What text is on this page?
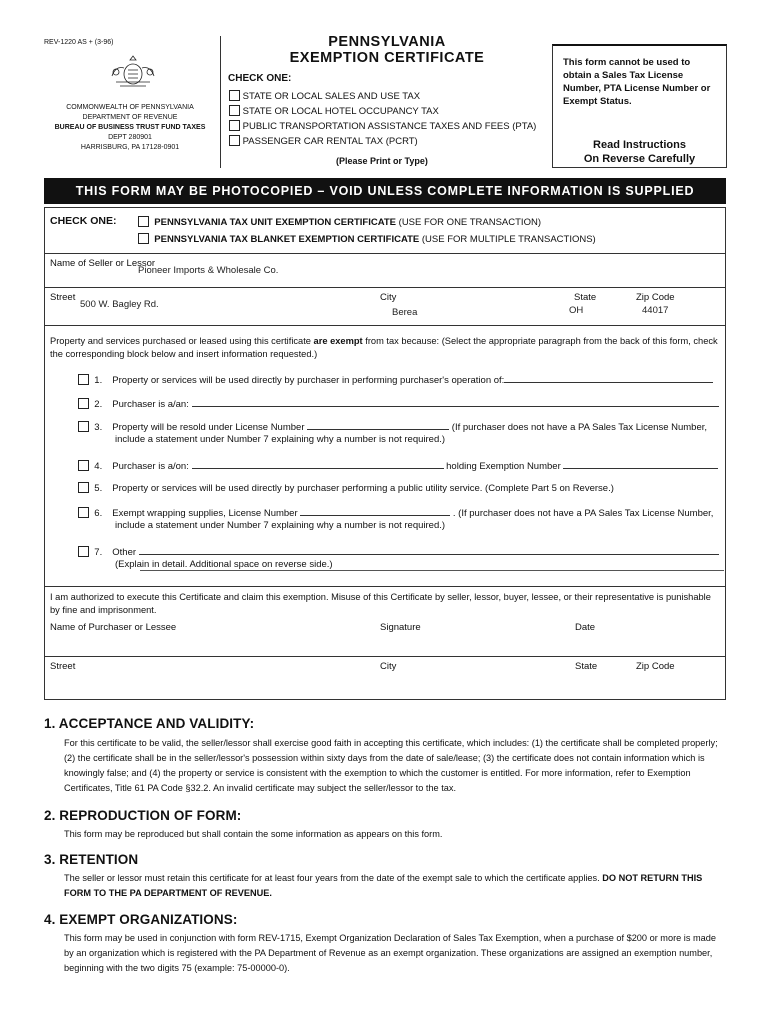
REV-1220 AS + (3-96)
COMMONWEALTH OF PENNSYLVANIA
DEPARTMENT OF REVENUE
BUREAU OF BUSINESS TRUST FUND TAXES
DEPT 280901
HARRISBURG, PA 17128-0901
PENNSYLVANIA
EXEMPTION CERTIFICATE
CHECK ONE:
STATE OR LOCAL SALES AND USE TAX
STATE OR LOCAL HOTEL OCCUPANCY TAX
PUBLIC TRANSPORTATION ASSISTANCE TAXES AND FEES (PTA)
PASSENGER CAR RENTAL TAX (PCRT)
(Please Print or Type)
This form cannot be used to obtain a Sales Tax License Number, PTA License Number or Exempt Status.
Read Instructions
On Reverse Carefully
THIS FORM MAY BE PHOTOCOPIED – VOID UNLESS COMPLETE INFORMATION IS SUPPLIED
CHECK ONE:	PENNSYLVANIA TAX UNIT EXEMPTION CERTIFICATE (USE FOR ONE TRANSACTION)
PENNSYLVANIA TAX BLANKET EXEMPTION CERTIFICATE (USE FOR MULTIPLE TRANSACTIONS)
Name of Seller or Lessor
Pioneer Imports & Wholesale Co.
Street
500 W. Bagley Rd.
City
Berea
State
OH
Zip Code
44017
Property and services purchased or leased using this certificate are exempt from tax because: (Select the appropriate paragraph from the back of this form, check the corresponding block below and insert information requested.)
1. Property or services will be used directly by purchaser in performing purchaser's operation of:
2. Purchaser is a/an:
3. Property will be resold under License Number	(If purchaser does not have a PA Sales Tax License Number,
include a statement under Number 7 explaining why a number is not required.)
4. Purchaser is a/on:	holding Exemption Number
5. Property or services will be used directly by purchaser performing a public utility service. (Complete Part 5 on Reverse.)
6. Exempt wrapping supplies, License Number	. (If purchaser does not have a PA Sales Tax License Number,
include a statement under Number 7 explaining why a number is not required.)
7. Other
(Explain in detail. Additional space on reverse side.)
I am authorized to execute this Certificate and claim this exemption. Misuse of this Certificate by seller, lessor, buyer, lessee, or their representative is punishable by fine and imprisonment.
Name of Purchaser or Lessee	Signature	Date
Street	City	State	Zip Code
1. ACCEPTANCE AND VALIDITY:
For this certificate to be valid, the seller/lessor shall exercise good faith in accepting this certificate, which includes: (1) the certificate shall be completed properly; (2) the certificate shall be in the seller/lessor's possession within sixty days from the date of sale/lease; (3) the certificate does not contain information which is knowingly false; and (4) the property or service is consistent with the exemption to which the customer is entitled. For more information, refer to Exemption Certificates, Title 61 PA Code §32.2. An invalid certificate may subject the seller/lessor to the tax.
2. REPRODUCTION OF FORM:
This form may be reproduced but shall contain the some information as appears on this form.
3. RETENTION
The seller or lessor must retain this certificate for at least four years from the date of the exempt sale to which the certificate applies. DO NOT RETURN THIS FORM TO THE PA DEPARTMENT OF REVENUE.
4. EXEMPT ORGANIZATIONS:
This form may be used in conjunction with form REV-1715, Exempt Organization Declaration of Sales Tax Exemption, when a purchase of $200 or more is made by an organization which is registered with the PA Department of Revenue as an exempt organization. These organizations are assigned an exemption number, beginning with the two digits 75 (example: 75-00000-0).
